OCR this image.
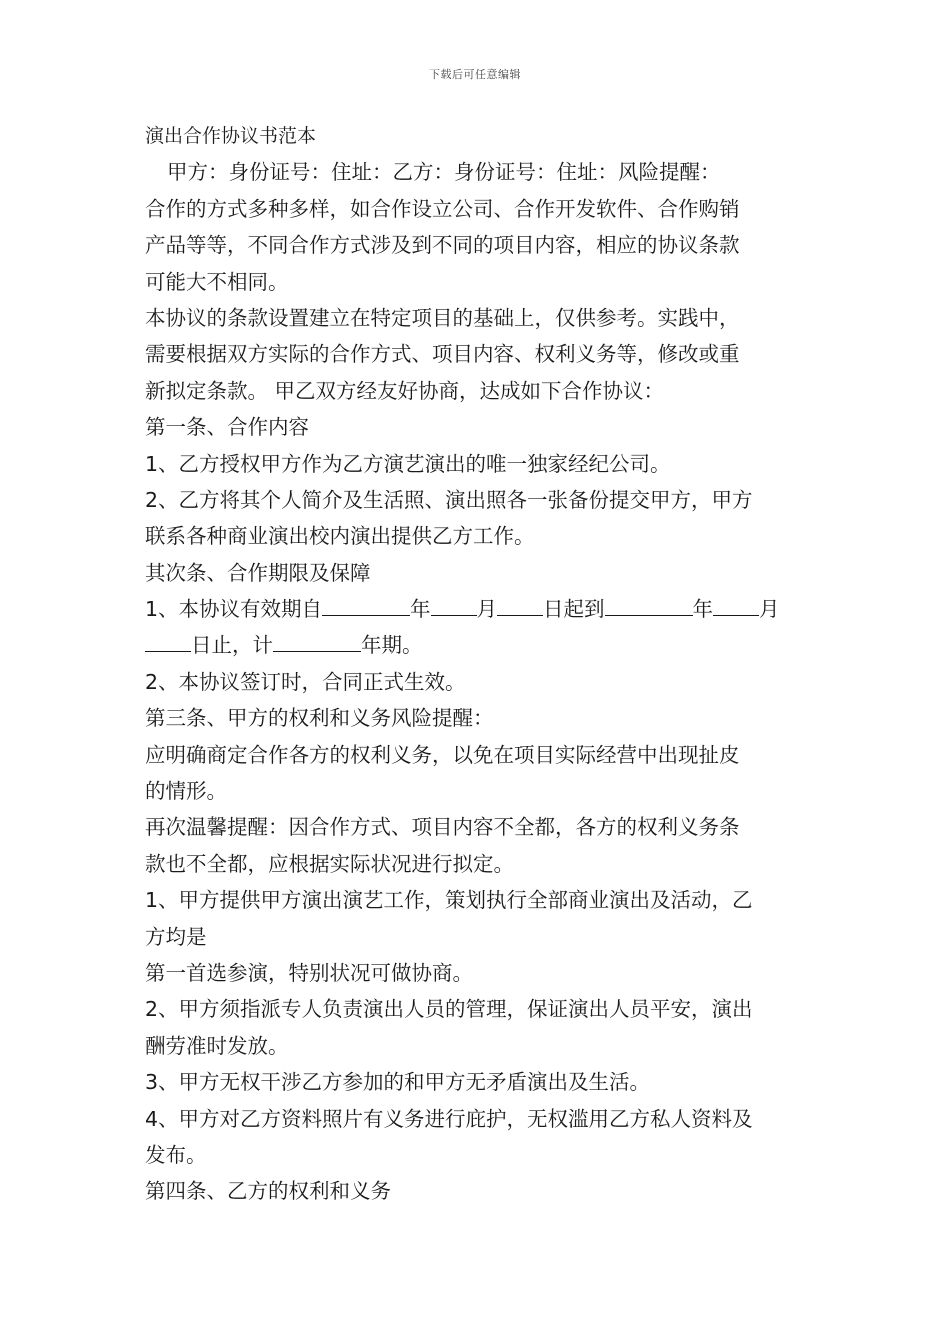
下载后可任意编辑
演出合作协议书范本
甲方：身份证号：住址：乙方：身份证号：住址：风险提醒：
合作的方式多种多样，如合作设立公司、合作开发软件、合作购销
产品等等，不同合作方式涉及到不同的项目内容，相应的协议条款
可能大不相同。
本协议的条款设置建立在特定项目的基础上，仅供参考。实践中，
需要根据双方实际的合作方式、项目内容、权利义务等，修改或重
新拟定条款。 甲乙双方经友好协商，达成如下合作协议：
第一条、合作内容
1、乙方授权甲方作为乙方演艺演出的唯一独家经纪公司。
2、乙方将其个人简介及生活照、演出照各一张备份提交甲方，甲方
联系各种商业演出校内演出提供乙方工作。
其次条、合作期限及保障
1、本协议有效期自	年 月 日起到	年 月
日止，计	年期。
2、本协议签订时，合同正式生效。
第三条、甲方的权利和义务风险提醒：
应明确商定合作各方的权利义务，以免在项目实际经营中出现扯皮
的情形。
再次温馨提醒：因合作方式、项目内容不全都，各方的权利义务条
款也不全都，应根据实际状况进行拟定。
1、甲方提供甲方演出演艺工作，策划执行全部商业演出及活动，乙
方均是
第一首选参演，特别状况可做协商。
2、甲方须指派专人负责演出人员的管理，保证演出人员平安，演出
酬劳准时发放。
3、甲方无权干涉乙方参加的和甲方无矛盾演出及生活。
4、甲方对乙方资料照片有义务进行庇护，无权滥用乙方私人资料及
发布。
第四条、乙方的权利和义务
